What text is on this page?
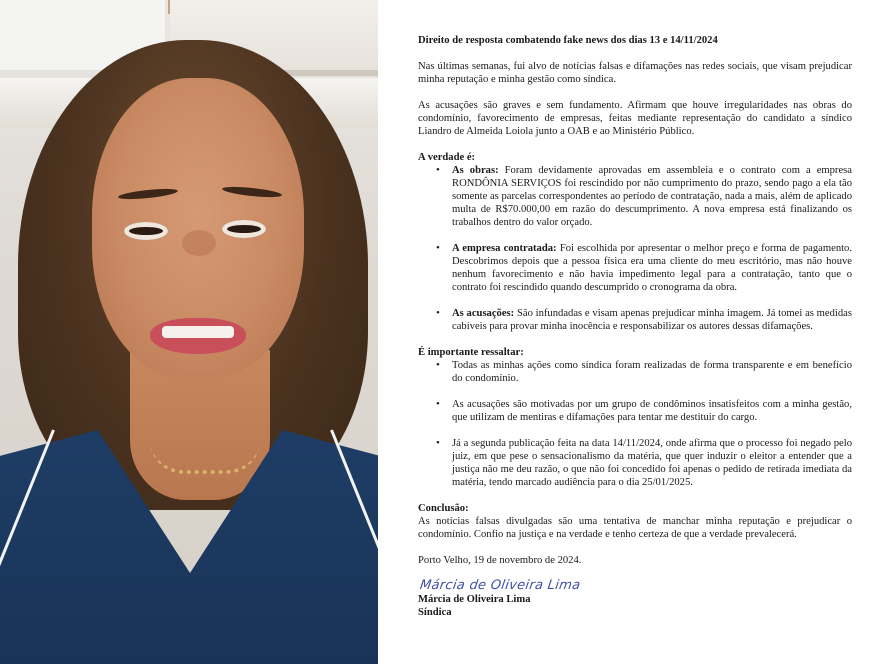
Direito de resposta combatendo fake news dos dias 13 e 14/11/2024

Nas últimas semanas, fui alvo de notícias falsas e difamações nas redes sociais, que visam prejudicar minha reputação e minha gestão como síndica.

As acusações são graves e sem fundamento. Afirmam que houve irregularidades nas obras do condomínio, favorecimento de empresas, feitas mediante representação do candidato a síndico Liandro de Almeida Loiola junto a OAB e ao Ministério Público.

A verdade é:

• As obras: Foram devidamente aprovadas em assembleia e o contrato com a empresa RONDÔNIA SERVIÇOS foi rescindido por não cumprimento do prazo, sendo pago a ela tão somente as parcelas correspondentes ao período de contratação, nada a mais, além de aplicado multa de R$70.000,00 em razão do descumprimento. A nova empresa está finalizando os trabalhos dentro do valor orçado.
• A empresa contratada: Foi escolhida por apresentar o melhor preço e forma de pagamento. Descobrimos depois que a pessoa física era uma cliente do meu escritório, mas não houve nenhum favorecimento e não havia impedimento legal para a contratação, tanto que o contrato foi rescindido quando descumprido o cronograma da obra.
• As acusações: São infundadas e visam apenas prejudicar minha imagem. Já tomei as medidas cabíveis para provar minha inocência e responsabilizar os autores dessas difamações.

É importante ressaltar:

• Todas as minhas ações como síndica foram realizadas de forma transparente e em benefício do condomínio.
• As acusações são motivadas por um grupo de condôminos insatisfeitos com a minha gestão, que utilizam de mentiras e difamações para tentar me destituir do cargo.
• Já a segunda publicação feita na data 14/11/2024, onde afirma que o processo foi negado pelo juiz, em que pese o sensacionalismo da matéria, que quer induzir o eleitor a entender que a justiça não me deu razão, o que não foi concedido foi apenas o pedido de retirada imediata da matéria, tendo marcado audiência para o dia 25/01/2025.

Conclusão:

As notícias falsas divulgadas são uma tentativa de manchar minha reputação e prejudicar o condomínio. Confio na justiça e na verdade e tenho certeza de que a verdade prevalecerá.

Porto Velho, 19 de novembro de 2024.

Márcia de Oliveira Lima

Márcia de Oliveira Lima

Síndica
